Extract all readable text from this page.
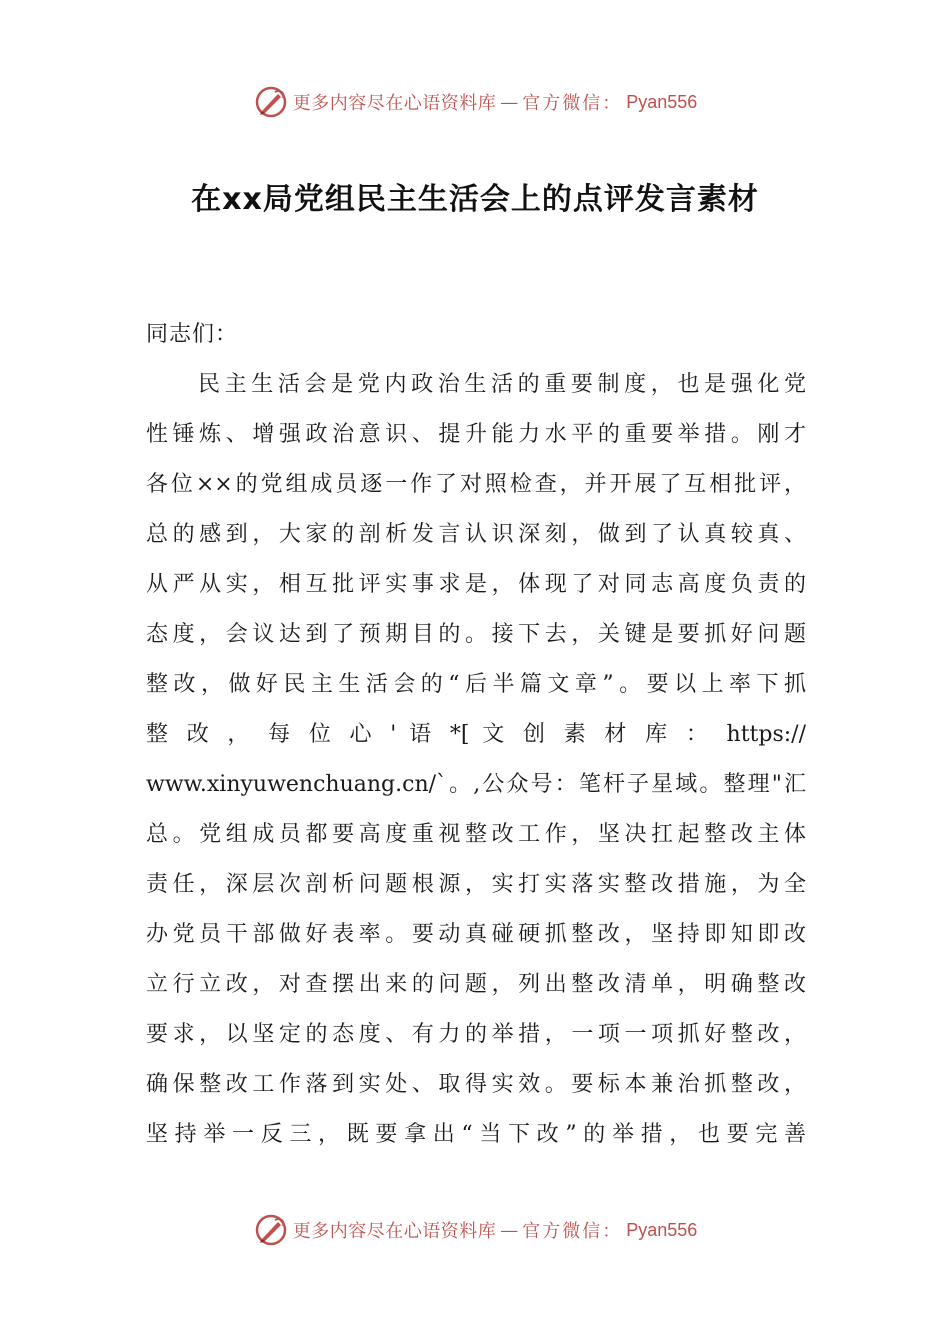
更多内容尽在心语资料库 — 官方微信： Pyan556
在xx局党组民主生活会上的点评发言素材
同志们：
民主生活会是党内政治生活的重要制度，也是强化党
性锤炼、增强政治意识、提升能力水平的重要举措。刚才
各位××的党组成员逐一作了对照检查，并开展了互相批评，
总的感到，大家的剖析发言认识深刻，做到了认真较真、
从严从实，相互批评实事求是，体现了对同志高度负责的
态度，会议达到了预期目的。接下去，关键是要抓好问题
整改，做好民主生活会的“后半篇文章”。要以上率下抓
整 改 ， 每 位 心 ' 语 *[ 文 创 素 材 库 ： https://
www.xinyuwenchuang.cn/`。,公众号：笔杆子星域。整理"汇
总。党组成员都要高度重视整改工作，坚决扛起整改主体
责任，深层次剖析问题根源，实打实落实整改措施，为全
办党员干部做好表率。要动真碰硬抓整改，坚持即知即改
立行立改，对查摆出来的问题，列出整改清单，明确整改
要求，以坚定的态度、有力的举措，一项一项抓好整改，
确保整改工作落到实处、取得实效。要标本兼治抓整改，
坚持举一反三，既要拿出“当下改”的举措，也要完善
更多内容尽在心语资料库 — 官方微信： Pyan556
